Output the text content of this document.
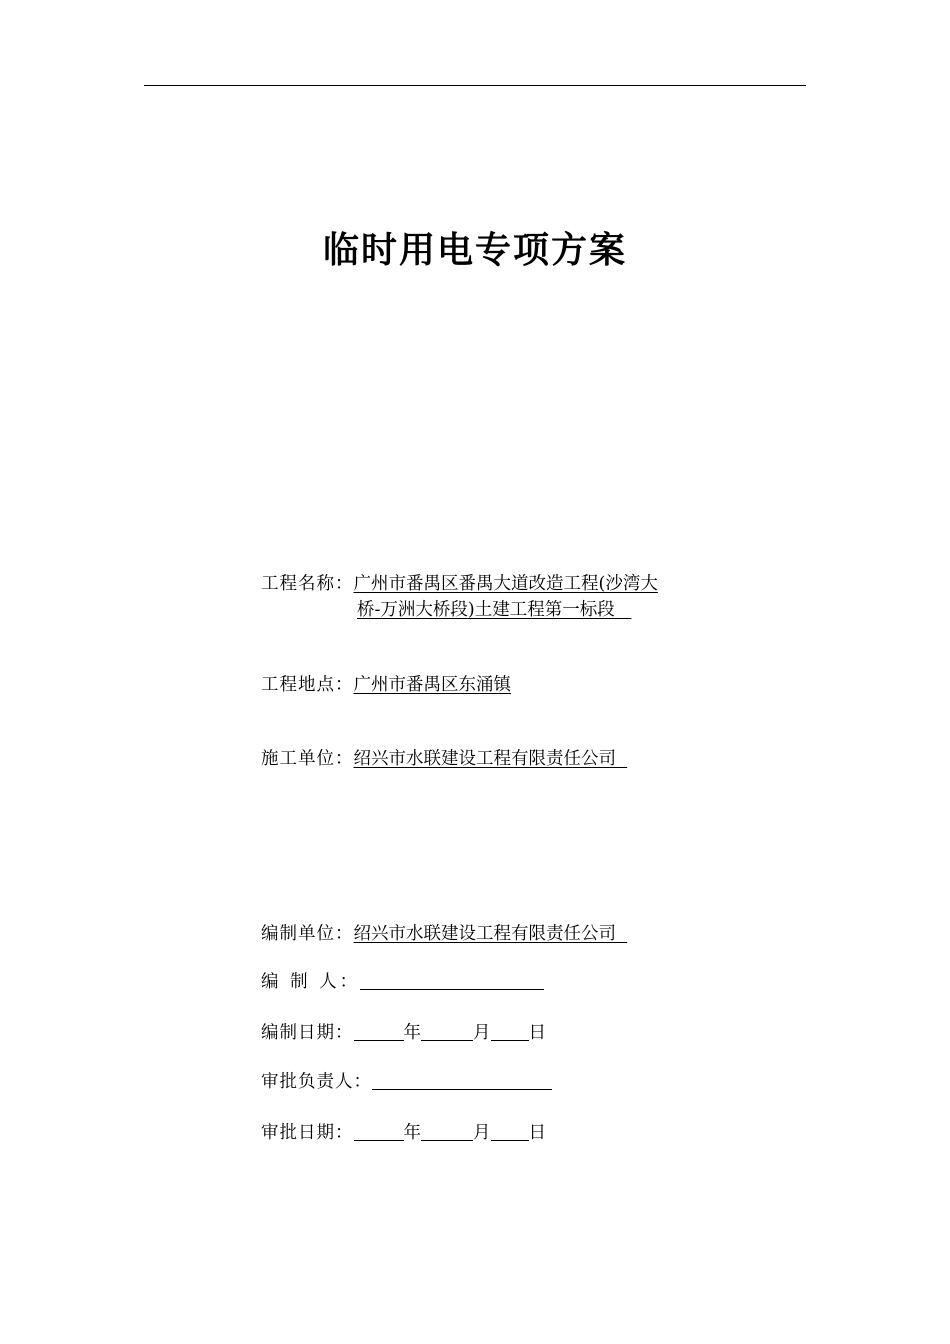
临时用电专项方案
工程名称：广州市番禺区番禺大道改造工程(沙湾大
桥-万洲大桥段)土建工程第一标段
工程地点：广州市番禺区东涌镇
施工单位：绍兴市水联建设工程有限责任公司
编制单位：绍兴市水联建设工程有限责任公司
编 制 人：
编制日期：	年	月 日
审批负责人：
审批日期：	年	月 日
